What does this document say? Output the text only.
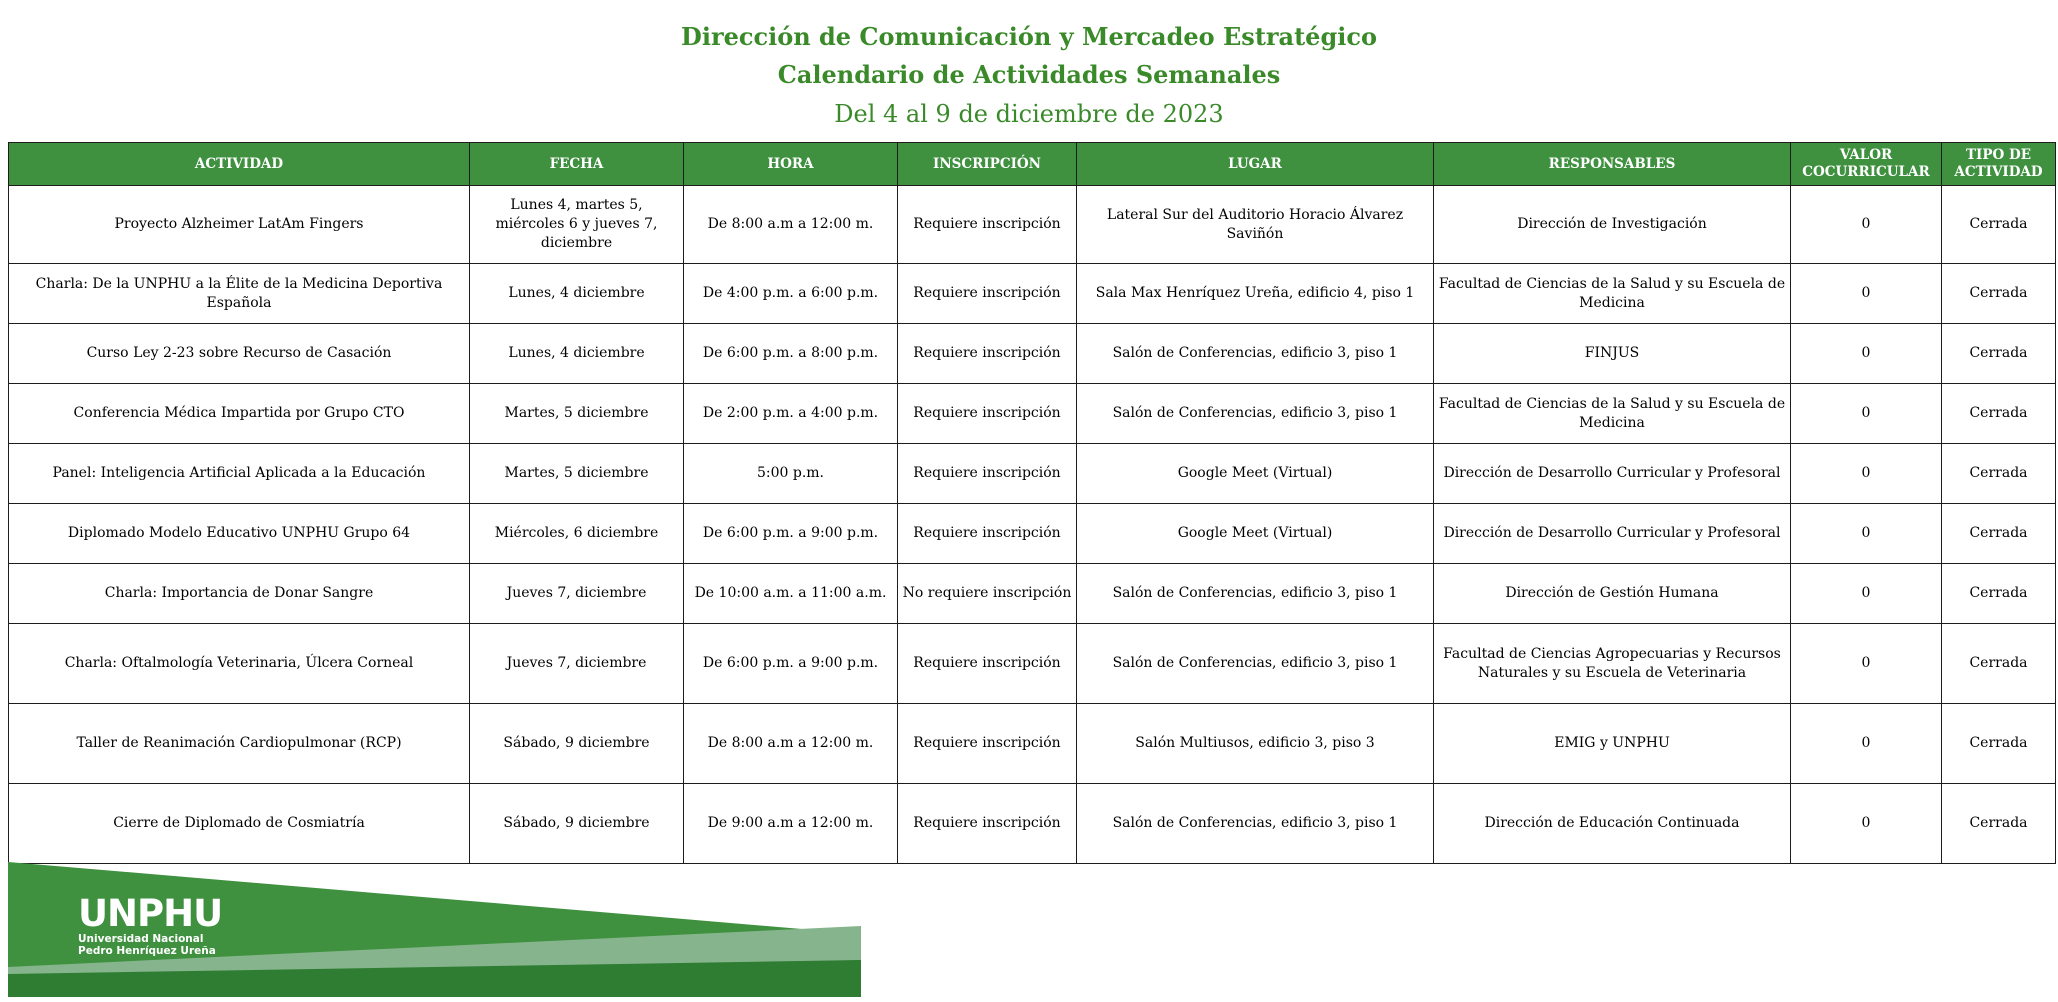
Dirección de Comunicación y Mercadeo Estratégico
Calendario de Actividades Semanales
Del 4 al 9 de diciembre de 2023
ACTIVIDAD	FECHA	HORA	INSCRIPCIÓN	LUGAR	RESPONSABLES	VALOR COCURRICULAR	TIPO DE ACTIVIDAD
Proyecto Alzheimer LatAm Fingers	Lunes 4, martes 5, miércoles 6 y jueves 7, diciembre	De 8:00 a.m a 12:00 m.	Requiere inscripción	Lateral Sur del Auditorio Horacio Álvarez Saviñón	Dirección de Investigación	0	Cerrada
Charla: De la UNPHU a la Élite de la Medicina Deportiva Española	Lunes, 4 diciembre	De 4:00 p.m. a 6:00 p.m.	Requiere inscripción	Sala Max Henríquez Ureña, edificio 4, piso 1	Facultad de Ciencias de la Salud y su Escuela de Medicina	0	Cerrada
Curso Ley 2-23 sobre Recurso de Casación	Lunes, 4 diciembre	De 6:00 p.m. a 8:00 p.m.	Requiere inscripción	Salón de Conferencias, edificio 3, piso 1	FINJUS	0	Cerrada
Conferencia Médica Impartida por Grupo CTO	Martes, 5 diciembre	De 2:00 p.m. a 4:00 p.m.	Requiere inscripción	Salón de Conferencias, edificio 3, piso 1	Facultad de Ciencias de la Salud y su Escuela de Medicina	0	Cerrada
Panel: Inteligencia Artificial Aplicada a la Educación	Martes, 5 diciembre	5:00 p.m.	Requiere inscripción	Google Meet (Virtual)	Dirección de Desarrollo Curricular y Profesoral	0	Cerrada
Diplomado Modelo Educativo UNPHU Grupo 64	Miércoles, 6 diciembre	De 6:00 p.m. a 9:00 p.m.	Requiere inscripción	Google Meet (Virtual)	Dirección de Desarrollo Curricular y Profesoral	0	Cerrada
Charla: Importancia de Donar Sangre	Jueves 7, diciembre	De 10:00 a.m. a 11:00 a.m.	No requiere inscripción	Salón de Conferencias, edificio 3, piso 1	Dirección de Gestión Humana	0	Cerrada
Charla: Oftalmología Veterinaria, Úlcera Corneal	Jueves 7, diciembre	De 6:00 p.m. a 9:00 p.m.	Requiere inscripción	Salón de Conferencias, edificio 3, piso 1	Facultad de Ciencias Agropecuarias y Recursos Naturales y su Escuela de Veterinaria	0	Cerrada
Taller de Reanimación Cardiopulmonar (RCP)	Sábado, 9 diciembre	De 8:00 a.m a 12:00 m.	Requiere inscripción	Salón Multiusos, edificio 3, piso 3	EMIG y UNPHU	0	Cerrada
Cierre de Diplomado de Cosmiatría	Sábado, 9 diciembre	De 9:00 a.m a 12:00 m.	Requiere inscripción	Salón de Conferencias, edificio 3, piso 1	Dirección de Educación Continuada	0	Cerrada
UNPHU
Universidad Nacional
Pedro Henríquez Ureña
